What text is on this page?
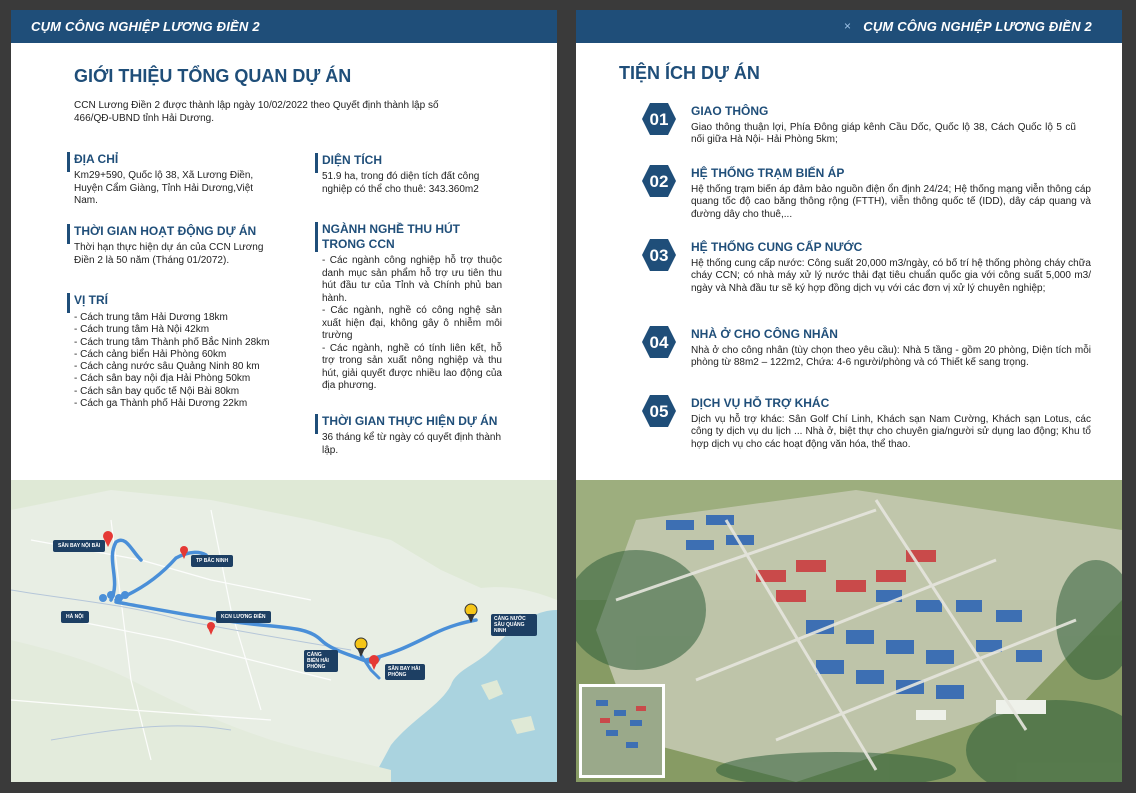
CỤM CÔNG NGHIỆP LƯƠNG ĐIỀN 2
GIỚI THIỆU TỔNG QUAN DỰ ÁN
CCN Lương Điền 2 được thành lập ngày 10/02/2022 theo Quyết định thành lập số 466/QĐ-UBND tỉnh Hải Dương.
ĐỊA CHỈ
Km29+590, Quốc lộ 38, Xã Lương Điền, Huyện Cẩm Giàng, Tỉnh Hải Dương,Việt Nam.
THỜI GIAN HOẠT ĐỘNG DỰ ÁN
Thời hạn thực hiện dự án của CCN Lương Điền 2 là 50 năm (Tháng 01/2072).
VỊ TRÍ
- Cách trung tâm Hải Dương 18km
- Cách trung tâm Hà Nội 42km
- Cách trung tâm Thành phố Bắc Ninh 28km
- Cách cảng biển Hải Phòng 60km
- Cách cảng nước sâu Quảng Ninh 80 km
- Cách sân bay nội địa Hải Phòng 50km
- Cách sân bay quốc tế Nội Bài 80km
- Cách ga Thành phố Hải Dương 22km
DIỆN TÍCH
51.9 ha, trong đó diện tích đất công nghiệp có thể cho thuê: 343.360m2
NGÀNH NGHỀ THU HÚT TRONG CCN
- Các ngành công nghiệp hỗ trợ thuộc danh mục sản phẩm hỗ trợ ưu tiên thu hút đầu tư của Tỉnh và Chính phủ ban hành.
- Các ngành, nghề có công nghệ sản xuất hiện đại, không gây ô nhiễm môi trường
- Các ngành, nghề có tính liên kết, hỗ trợ trong sản xuất nông nghiệp và thu hút, giải quyết được nhiều lao động của địa phương.
THỜI GIAN THỰC HIỆN DỰ ÁN
36 tháng kể từ ngày có quyết định thành lập.
SÂN BAY NỘI BÀI
TP BẮC NINH
HÀ NỘI	KCN LƯƠNG ĐIỀN
CẢNG BIỂN HẢI PHÒNG	SÂN BAY HẢI PHÒNG
CẢNG NƯỚC SÂU QUẢNG NINH
× CỤM CÔNG NGHIỆP LƯƠNG ĐIỀN 2
TIỆN ÍCH DỰ ÁN
01	GIAO THÔNG
Giao thông thuận lợi, Phía Đông giáp kênh Cầu Dốc, Quốc lộ 38, Cách Quốc lộ 5 cũ nối giữa Hà Nội- Hải Phòng 5km;
02	HỆ THỐNG TRẠM BIẾN ÁP
Hệ thống trạm biến áp đảm bảo nguồn điện ổn định 24/24; Hệ thống mạng viễn thông cáp quang tốc độ cao băng thông rộng (FTTH), viễn thông quốc tế (IDD), dây cáp quang và đường dây cho thuê,...
03	HỆ THỐNG CUNG CẤP NƯỚC
Hệ thống cung cấp nước: Công suất 20,000 m3/ngày, có bố trí hệ thống phòng cháy chữa cháy CCN; có nhà máy xử lý nước thải đạt tiêu chuẩn quốc gia với công suất 5,000 m3/ ngày và Nhà đầu tư sẽ ký hợp đồng dịch vụ với các đơn vị xử lý chuyên nghiệp;
04	NHÀ Ở CHO CÔNG NHÂN
Nhà ở cho công nhân (tùy chọn theo yêu cầu): Nhà 5 tầng - gồm 20 phòng, Diện tích mỗi phòng từ 88m2 – 122m2, Chứa: 4-6 người/phòng và có Thiết kế sang trọng.
05	DỊCH VỤ HỖ TRỢ KHÁC
Dịch vụ hỗ trợ khác: Sân Golf Chí Linh, Khách sạn Nam Cường, Khách sạn Lotus, các công ty dịch vụ du lịch ... Nhà ở, biệt thự cho chuyên gia/người sử dụng lao động; Khu tổ hợp dịch vụ cho các hoạt động văn hóa, thể thao.
